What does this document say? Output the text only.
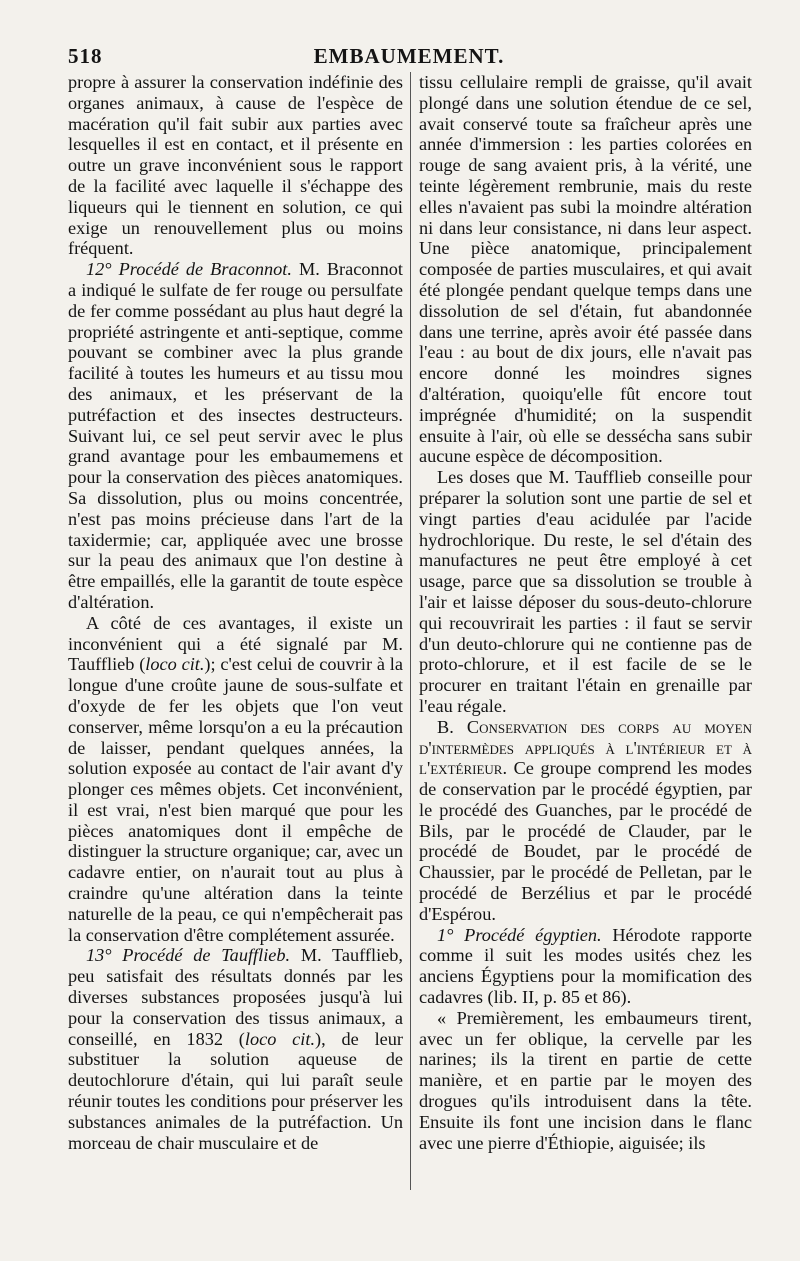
518	EMBAUMEMENT.

propre à assurer la conservation indéfinie des organes animaux, à cause de l'espèce de macération qu'il fait subir aux parties avec lesquelles il est en contact, et il présente en outre un grave inconvénient sous le rapport de la facilité avec laquelle il s'échappe des liqueurs qui le tiennent en solution, ce qui exige un renouvellement plus ou moins fréquent.

12° Procédé de Braconnot. M. Braconnot a indiqué le sulfate de fer rouge ou persulfate de fer comme possédant au plus haut degré la propriété astringente et anti-septique, comme pouvant se combiner avec la plus grande facilité à toutes les humeurs et au tissu mou des animaux, et les préservant de la putréfaction et des insectes destructeurs. Suivant lui, ce sel peut servir avec le plus grand avantage pour les embaumemens et pour la conservation des pièces anatomiques. Sa dissolution, plus ou moins concentrée, n'est pas moins précieuse dans l'art de la taxidermie; car, appliquée avec une brosse sur la peau des animaux que l'on destine à être empaillés, elle la garantit de toute espèce d'altération.

A côté de ces avantages, il existe un inconvénient qui a été signalé par M. Taufflieb (loco cit.); c'est celui de couvrir à la longue d'une croûte jaune de sous-sulfate et d'oxyde de fer les objets que l'on veut conserver, même lorsqu'on a eu la précaution de laisser, pendant quelques années, la solution exposée au contact de l'air avant d'y plonger ces mêmes objets. Cet inconvénient, il est vrai, n'est bien marqué que pour les pièces anatomiques dont il empêche de distinguer la structure organique; car, avec un cadavre entier, on n'aurait tout au plus à craindre qu'une altération dans la teinte naturelle de la peau, ce qui n'empêcherait pas la conservation d'être complétement assurée.

13° Procédé de Taufflieb. M. Taufflieb, peu satisfait des résultats donnés par les diverses substances proposées jusqu'à lui pour la conservation des tissus animaux, a conseillé, en 1832 (loco cit.), de leur substituer la solution aqueuse de deutochlorure d'étain, qui lui paraît seule réunir toutes les conditions pour préserver les substances animales de la putréfaction. Un morceau de chair musculaire et de

tissu cellulaire rempli de graisse, qu'il avait plongé dans une solution étendue de ce sel, avait conservé toute sa fraîcheur après une année d'immersion : les parties colorées en rouge de sang avaient pris, à la vérité, une teinte légèrement rembrunie, mais du reste elles n'avaient pas subi la moindre altération ni dans leur consistance, ni dans leur aspect. Une pièce anatomique, principalement composée de parties musculaires, et qui avait été plongée pendant quelque temps dans une dissolution de sel d'étain, fut abandonnée dans une terrine, après avoir été passée dans l'eau : au bout de dix jours, elle n'avait pas encore donné les moindres signes d'altération, quoiqu'elle fût encore tout imprégnée d'humidité; on la suspendit ensuite à l'air, où elle se dessécha sans subir aucune espèce de décomposition.

Les doses que M. Taufflieb conseille pour préparer la solution sont une partie de sel et vingt parties d'eau acidulée par l'acide hydrochlorique. Du reste, le sel d'étain des manufactures ne peut être employé à cet usage, parce que sa dissolution se trouble à l'air et laisse déposer du sous-deuto-chlorure qui recouvrirait les parties : il faut se servir d'un deuto-chlorure qui ne contienne pas de proto-chlorure, et il est facile de se le procurer en traitant l'étain en grenaille par l'eau régale.

B. Conservation des corps au moyen d'intermèdes appliqués à l'intérieur et à l'extérieur. Ce groupe comprend les modes de conservation par le procédé égyptien, par le procédé des Guanches, par le procédé de Bils, par le procédé de Clauder, par le procédé de Boudet, par le procédé de Chaussier, par le procédé de Pelletan, par le procédé de Berzélius et par le procédé d'Espérou.

1° Procédé égyptien. Hérodote rapporte comme il suit les modes usités chez les anciens Égyptiens pour la momification des cadavres (lib. II, p. 85 et 86).

« Premièrement, les embaumeurs tirent, avec un fer oblique, la cervelle par les narines; ils la tirent en partie de cette manière, et en partie par le moyen des drogues qu'ils introduisent dans la tête. Ensuite ils font une incision dans le flanc avec une pierre d'Éthiopie, aiguisée; ils
